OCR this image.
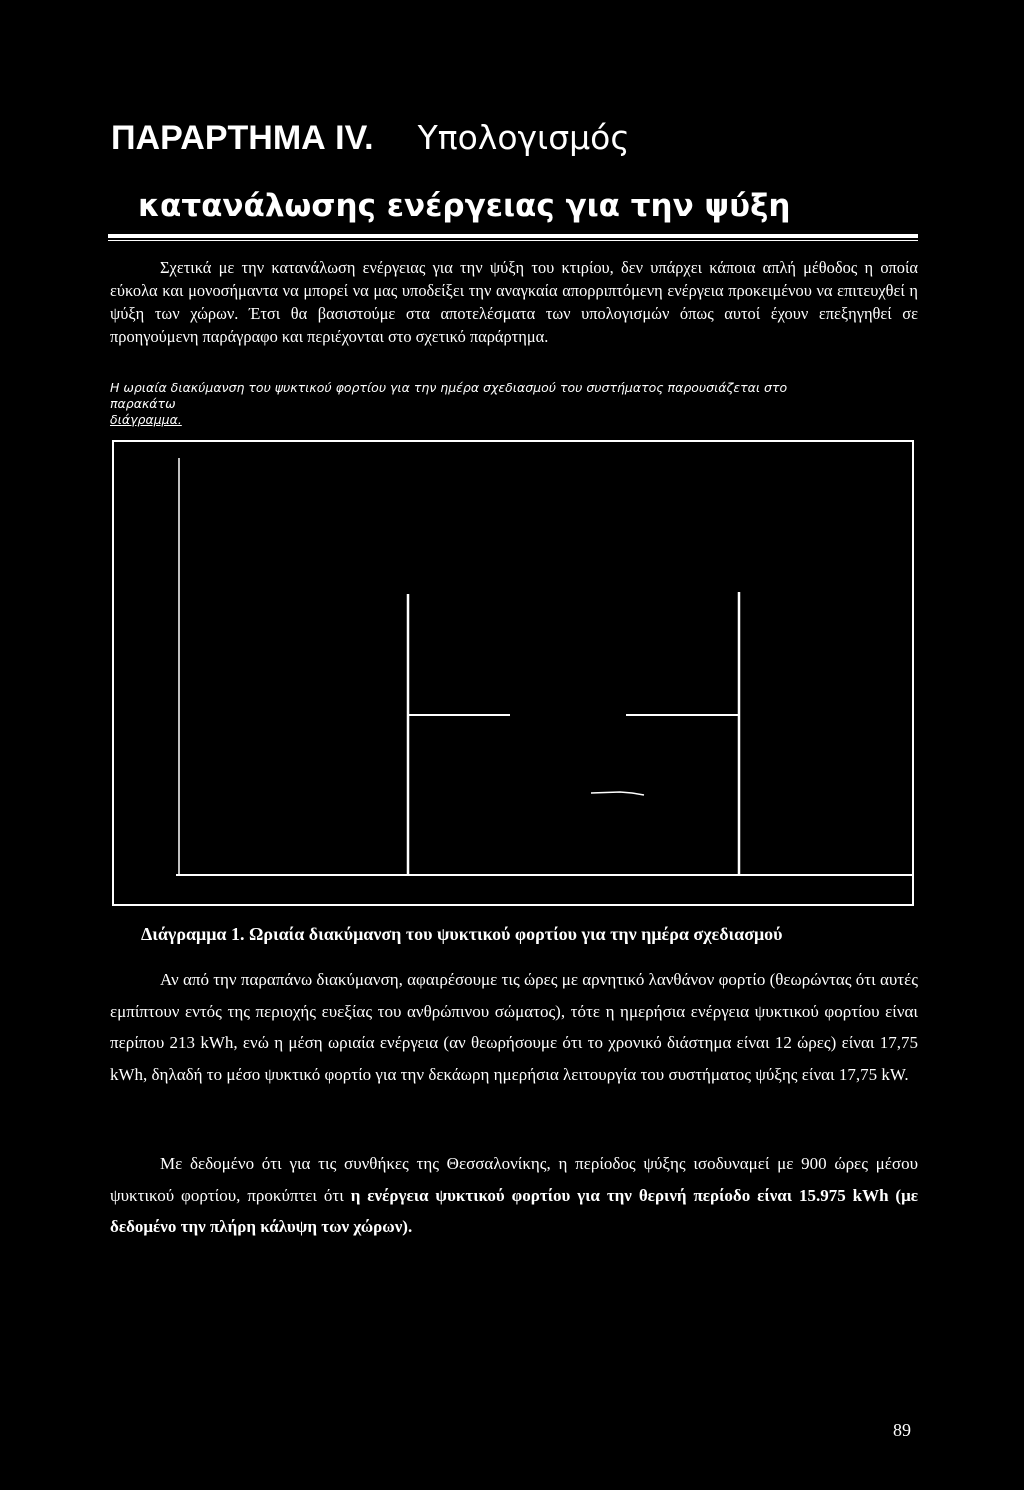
ΠΑΡΑΡΤΗΜΑ IV. Υπολογισμός
κατανάλωσης ενέργειας για την ψύξη

Σχετικά με την κατανάλωση ενέργειας για την ψύξη του κτιρίου, δεν υπάρχει κάποια απλή μέθοδος η οποία εύκολα και μονοσήμαντα να μπορεί να μας υποδείξει την αναγκαία απορριπτόμενη ενέργεια προκειμένου να επιτευχθεί η ψύξη των χώρων. Έτσι θα βασιστούμε στα αποτελέσματα των υπολογισμών όπως αυτοί έχουν επεξηγηθεί σε προηγούμενη παράγραφο και περιέχονται στο σχετικό παράρτημα.

Η ωριαία διακύμανση του ψυκτικού φορτίου για την ημέρα σχεδιασμού του συστήματος παρουσιάζεται στο
παρακάτω
διάγραμμα.

Διάγραμμα 1. Ωριαία διακύμανση του ψυκτικού φορτίου για την ημέρα σχεδιασμού

Αν από την παραπάνω διακύμανση, αφαιρέσουμε τις ώρες με αρνητικό λανθάνον φορτίο (θεωρώντας ότι αυτές εμπίπτουν εντός της περιοχής ευεξίας του ανθρώπινου σώματος), τότε η ημερήσια ενέργεια ψυκτικού φορτίου είναι περίπου 213 kWh, ενώ η μέση ωριαία ενέργεια (αν θεωρήσουμε ότι το χρονικό διάστημα είναι 12 ώρες) είναι 17,75 kWh, δηλαδή το μέσο ψυκτικό φορτίο για την δεκάωρη ημερήσια λειτουργία του συστήματος ψύξης είναι 17,75 kW.

Με δεδομένο ότι για τις συνθήκες της Θεσσαλονίκης, η περίοδος ψύξης ισοδυναμεί με 900 ώρες μέσου ψυκτικού φορτίου, προκύπτει ότι η ενέργεια ψυκτικού φορτίου για την θερινή περίοδο είναι 15.975 kWh (με δεδομένο την πλήρη κάλυψη των χώρων).

89
